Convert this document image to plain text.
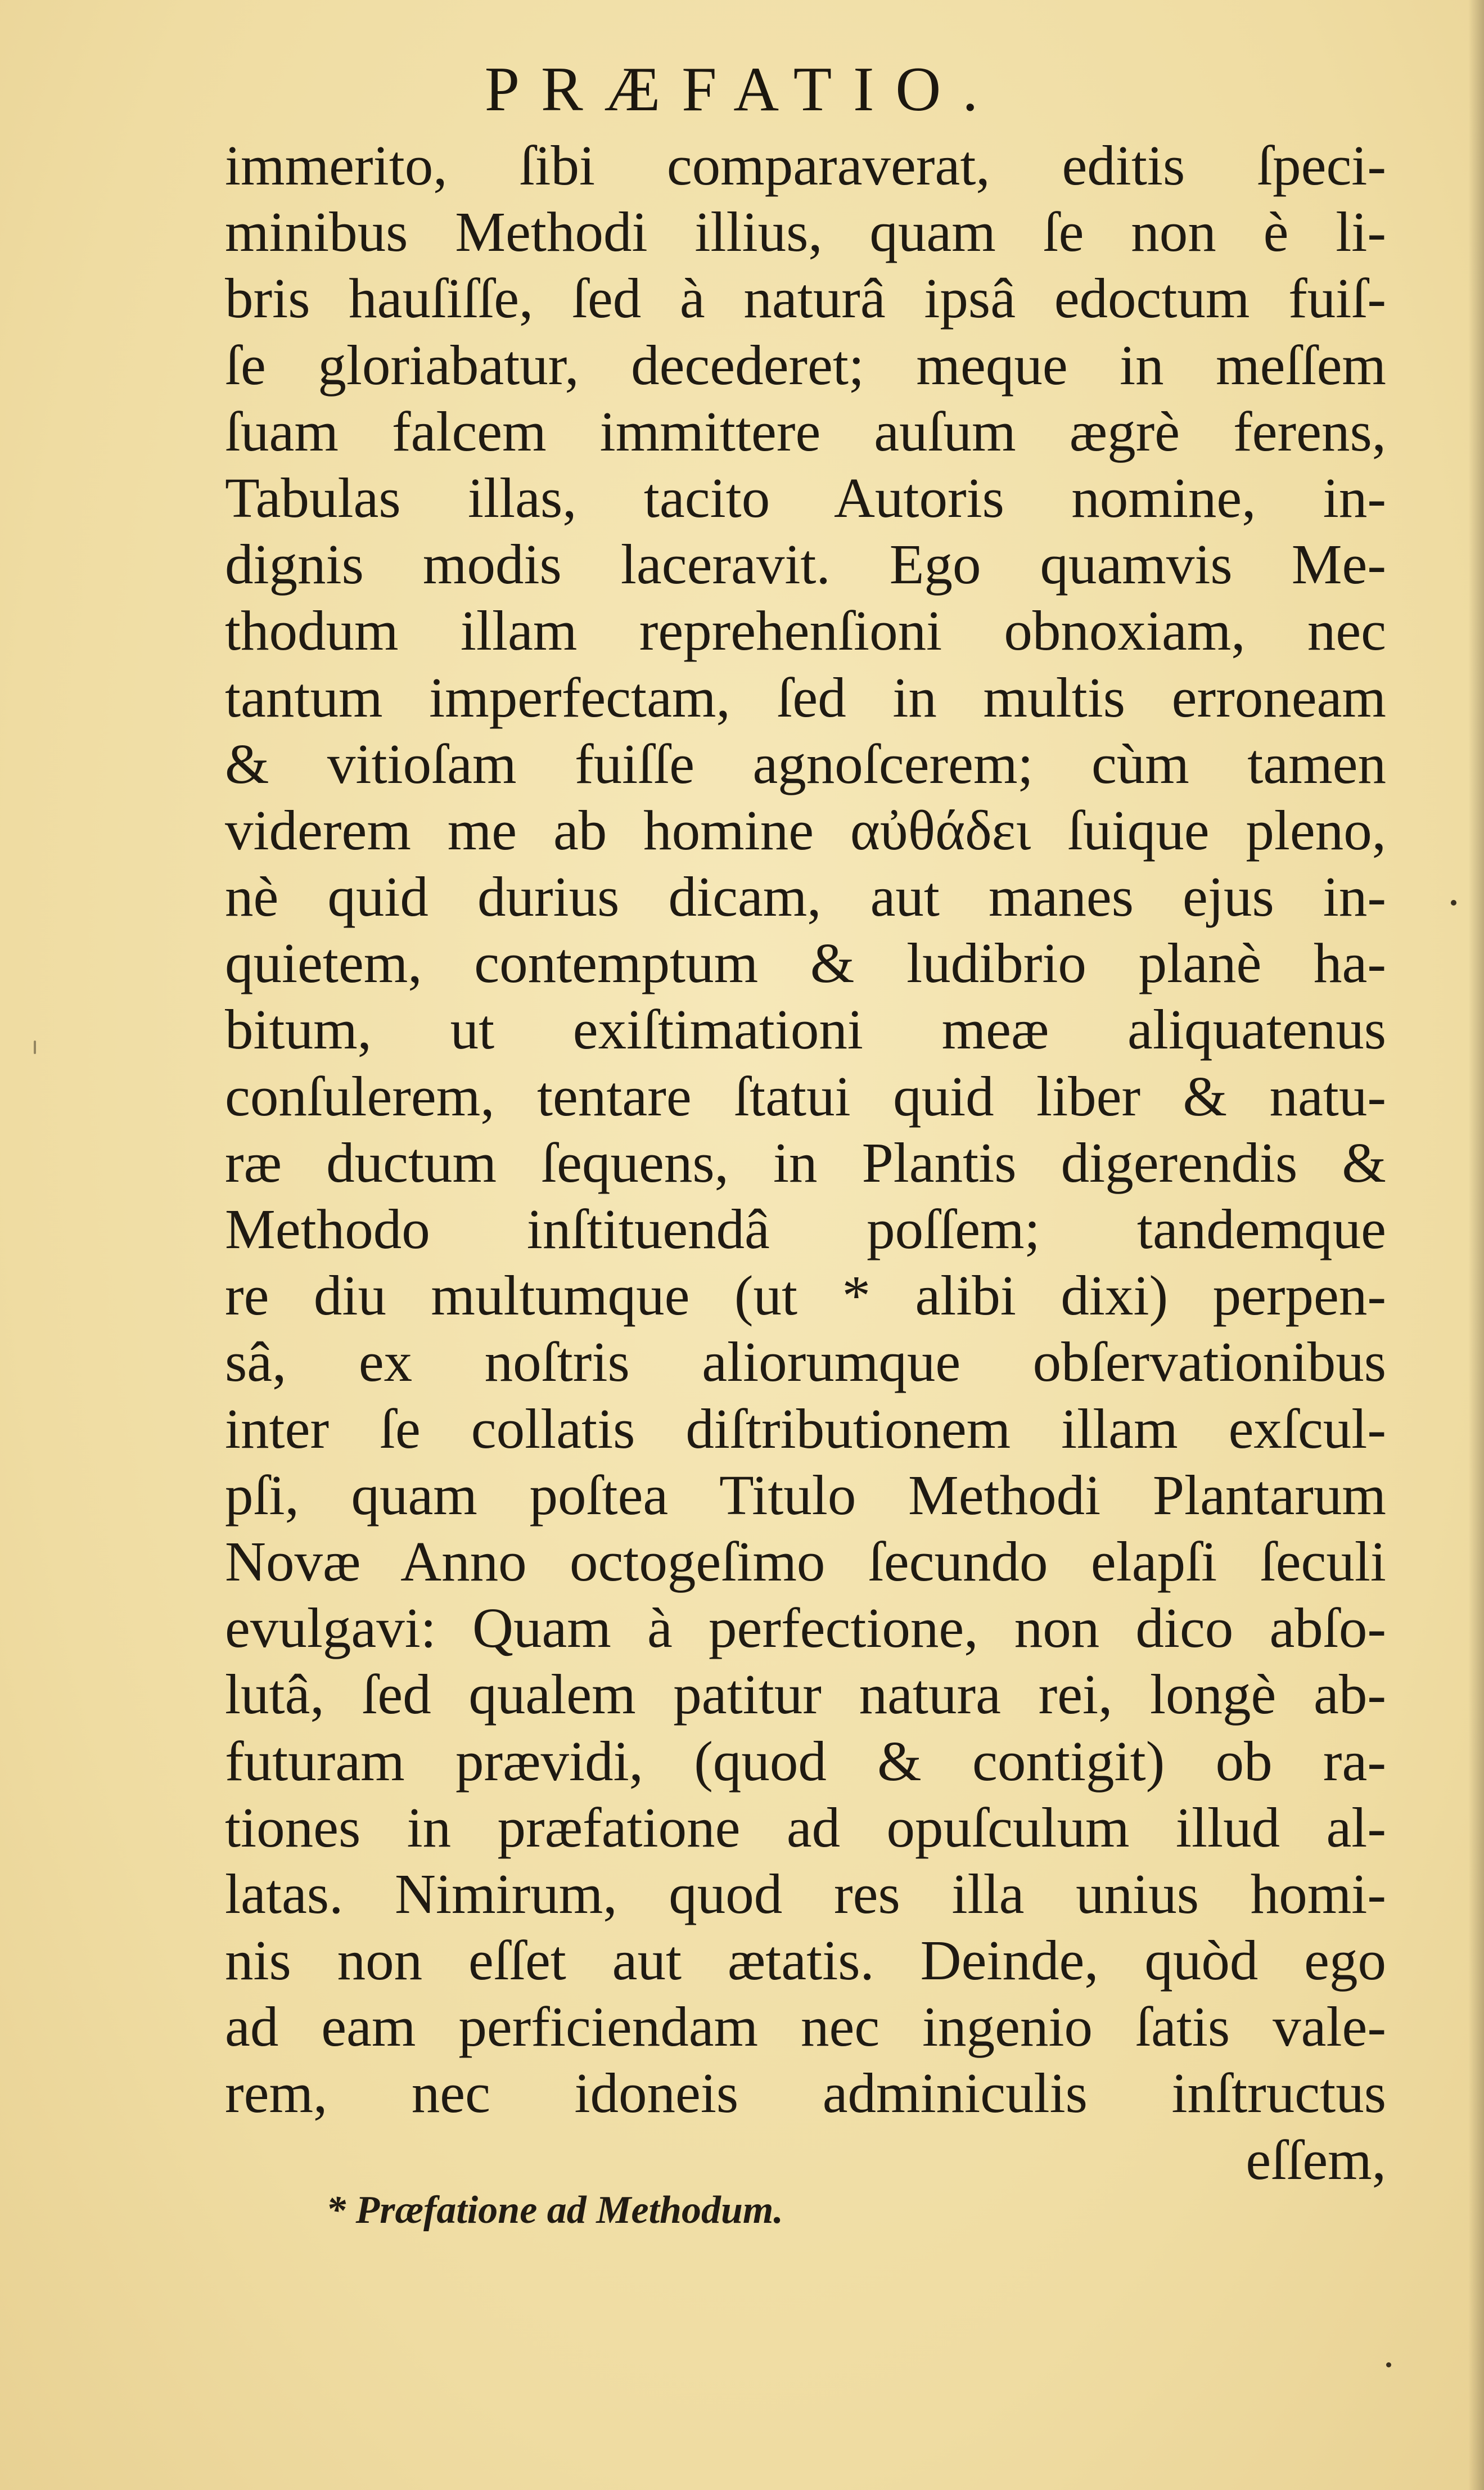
PRÆFATIO.
immerito, ſibi comparaverat, editis ſpeci-
minibus Methodi illius, quam ſe non è li-
bris hauſiſſe, ſed à naturâ ipsâ edoctum fuiſ-
ſe gloriabatur, decederet; meque in meſſem
ſuam falcem immittere auſum ægrè ferens,
Tabulas illas, tacito Autoris nomine, in-
dignis modis laceravit. Ego quamvis Me-
thodum illam reprehenſioni obnoxiam, nec
tantum imperfectam, ſed in multis erroneam
& vitioſam fuiſſe agnoſcerem; cùm tamen
viderem me ab homine αὐθάδει ſuique pleno,
nè quid durius dicam, aut manes ejus in-
quietem, contemptum & ludibrio planè ha-
bitum, ut exiſtimationi meæ aliquatenus
conſulerem, tentare ſtatui quid liber & natu-
ræ ductum ſequens, in Plantis digerendis &
Methodo inſtituendâ poſſem; tandemque
re diu multumque (ut * alibi dixi) perpen-
sâ, ex noſtris aliorumque obſervationibus
inter ſe collatis diſtributionem illam exſcul-
pſi, quam poſtea Titulo Methodi Plantarum
Novæ Anno octogeſimo ſecundo elapſi ſeculi
evulgavi: Quam à perfectione, non dico abſo-
lutâ, ſed qualem patitur natura rei, longè ab-
futuram prævidi, (quod & contigit) ob ra-
tiones in præfatione ad opuſculum illud al-
latas. Nimirum, quod res illa unius homi-
nis non eſſet aut ætatis. Deinde, quòd ego
ad eam perficiendam nec ingenio ſatis vale-
rem, nec idoneis adminiculis inſtructus
eſſem,
* Præfatione ad Methodum.
